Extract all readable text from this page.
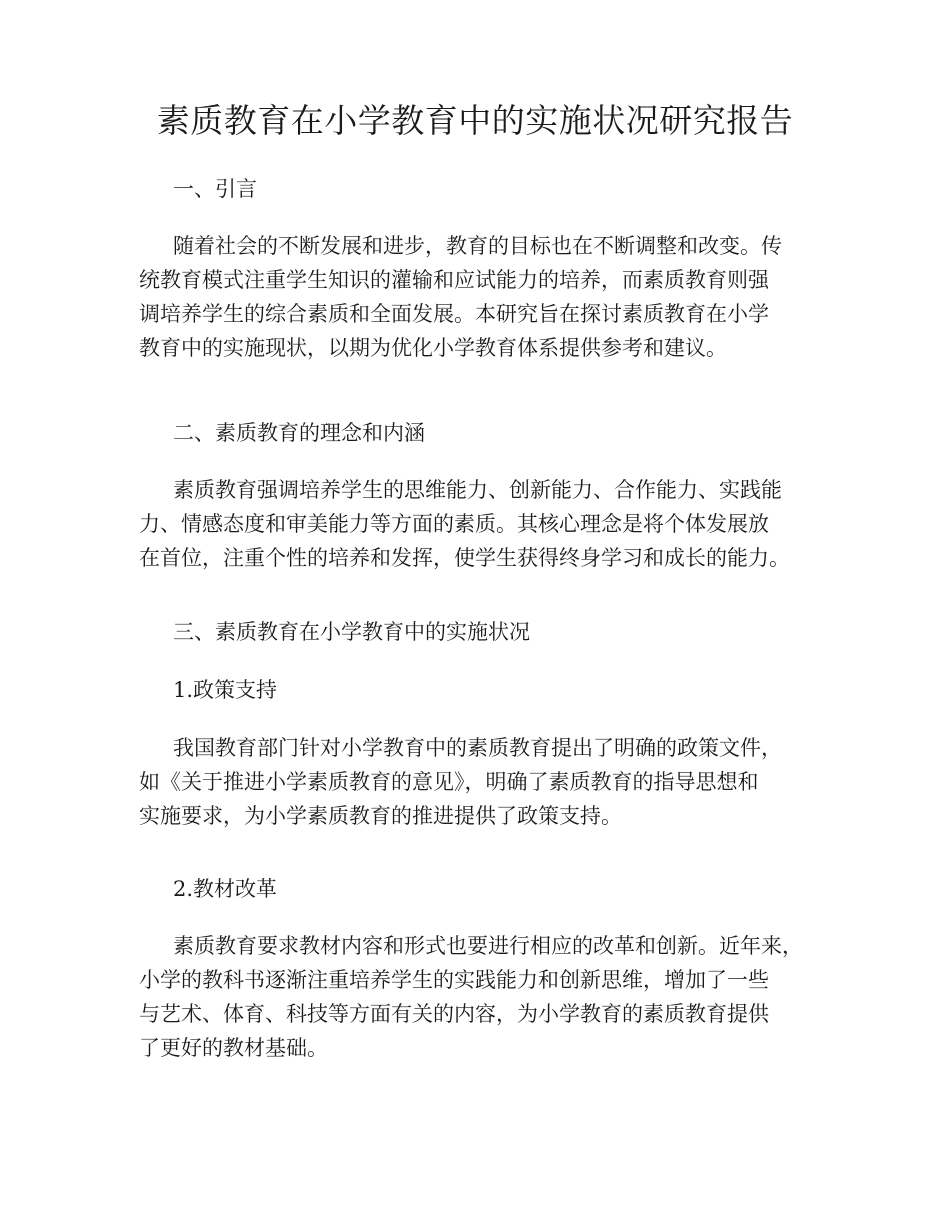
素质教育在小学教育中的实施状况研究报告
一、引言

随着社会的不断发展和进步，教育的目标也在不断调整和改变。传
统教育模式注重学生知识的灌输和应试能力的培养，而素质教育则强
调培养学生的综合素质和全面发展。本研究旨在探讨素质教育在小学
教育中的实施现状，以期为优化小学教育体系提供参考和建议。

二、素质教育的理念和内涵

素质教育强调培养学生的思维能力、创新能力、合作能力、实践能
力、情感态度和审美能力等方面的素质。其核心理念是将个体发展放
在首位，注重个性的培养和发挥，使学生获得终身学习和成长的能力。

三、素质教育在小学教育中的实施状况
1.政策支持

我国教育部门针对小学教育中的素质教育提出了明确的政策文件，
如《关于推进小学素质教育的意见》，明确了素质教育的指导思想和
实施要求，为小学素质教育的推进提供了政策支持。

2.教材改革

素质教育要求教材内容和形式也要进行相应的改革和创新。近年来，
小学的教科书逐渐注重培养学生的实践能力和创新思维，增加了一些
与艺术、体育、科技等方面有关的内容，为小学教育的素质教育提供
了更好的教材基础。
